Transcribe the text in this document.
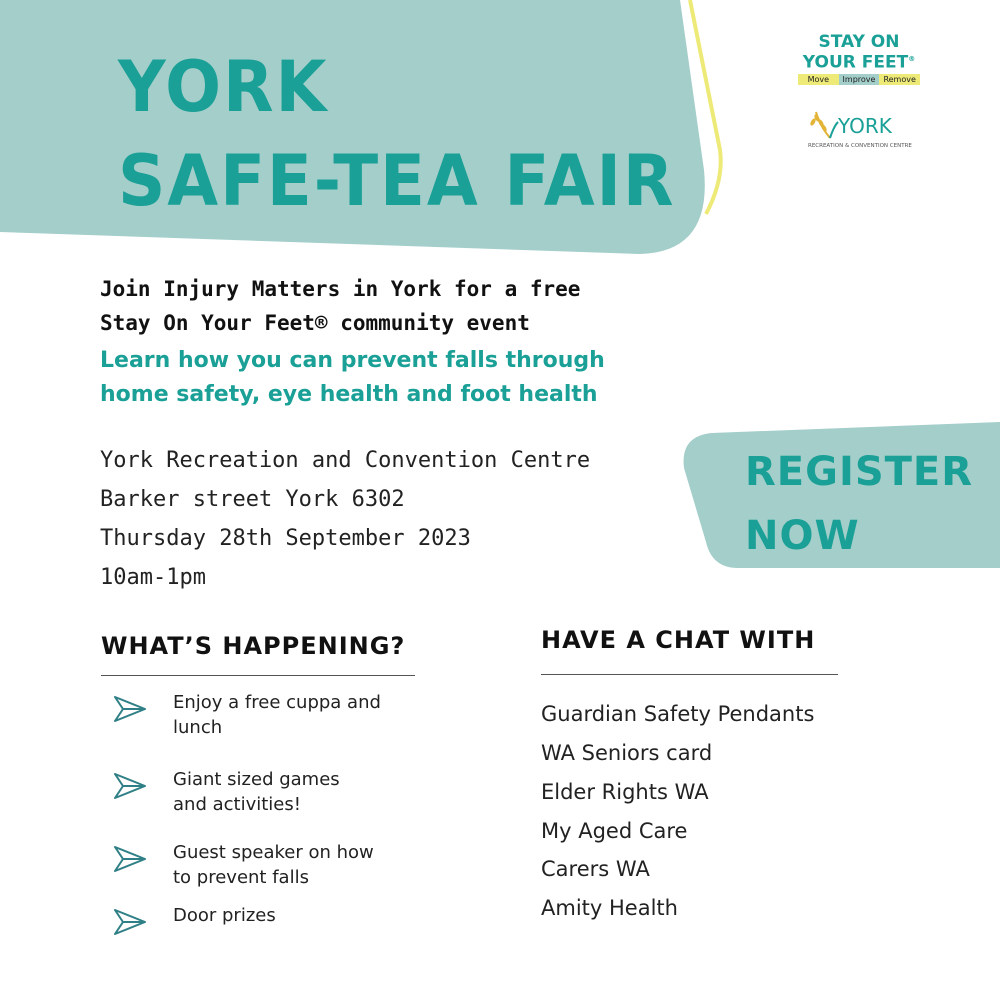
YORK
SAFE-TEA FAIR
STAY ON
YOUR FEET®
Move	Improve Remove
YORK
RECREATION & CONVENTION CENTRE
Join Injury Matters in York for a free
Stay On Your Feet® community event
Learn how you can prevent falls through
home safety, eye health and foot health
York Recreation and Convention Centre
Barker street York 6302
Thursday 28th September 2023
10am-1pm
REGISTER
NOW
WHAT’S HAPPENING?
Enjoy a free cuppa and
lunch
Giant sized games
and activities!
Guest speaker on how
to prevent falls
Door prizes
HAVE A CHAT WITH
Guardian Safety Pendants
WA Seniors card
Elder Rights WA
My Aged Care
Carers WA
Amity Health
